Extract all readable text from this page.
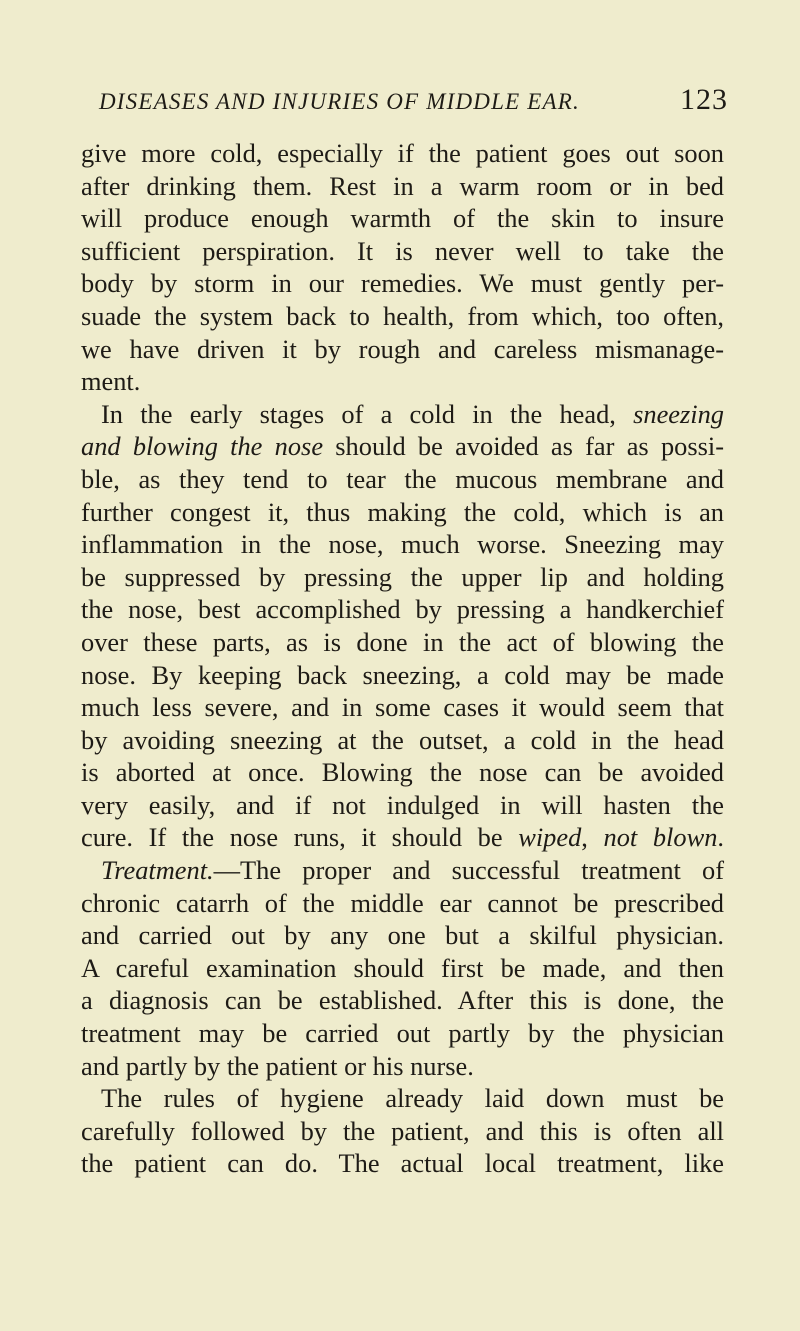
DISEASES AND INJURIES OF MIDDLE EAR.	123
give more cold, especially if the patient goes out soon
after drinking them. Rest in a warm room or in bed
will produce enough warmth of the skin to insure
sufficient perspiration. It is never well to take the
body by storm in our remedies. We must gently per-
suade the system back to health, from which, too often,
we have driven it by rough and careless mismanage-
ment.
In the early stages of a cold in the head, sneezing
and blowing the nose should be avoided as far as possi-
ble, as they tend to tear the mucous membrane and
further congest it, thus making the cold, which is an
inflammation in the nose, much worse. Sneezing may
be suppressed by pressing the upper lip and holding
the nose, best accomplished by pressing a handkerchief
over these parts, as is done in the act of blowing the
nose. By keeping back sneezing, a cold may be made
much less severe, and in some cases it would seem that
by avoiding sneezing at the outset, a cold in the head
is aborted at once. Blowing the nose can be avoided
very easily, and if not indulged in will hasten the
cure. If the nose runs, it should be wiped, not blown.
Treatment.—The proper and successful treatment of
chronic catarrh of the middle ear cannot be prescribed
and carried out by any one but a skilful physician.
A careful examination should first be made, and then
a diagnosis can be established. After this is done, the
treatment may be carried out partly by the physician
and partly by the patient or his nurse.
The rules of hygiene already laid down must be
carefully followed by the patient, and this is often all
the patient can do. The actual local treatment, like
